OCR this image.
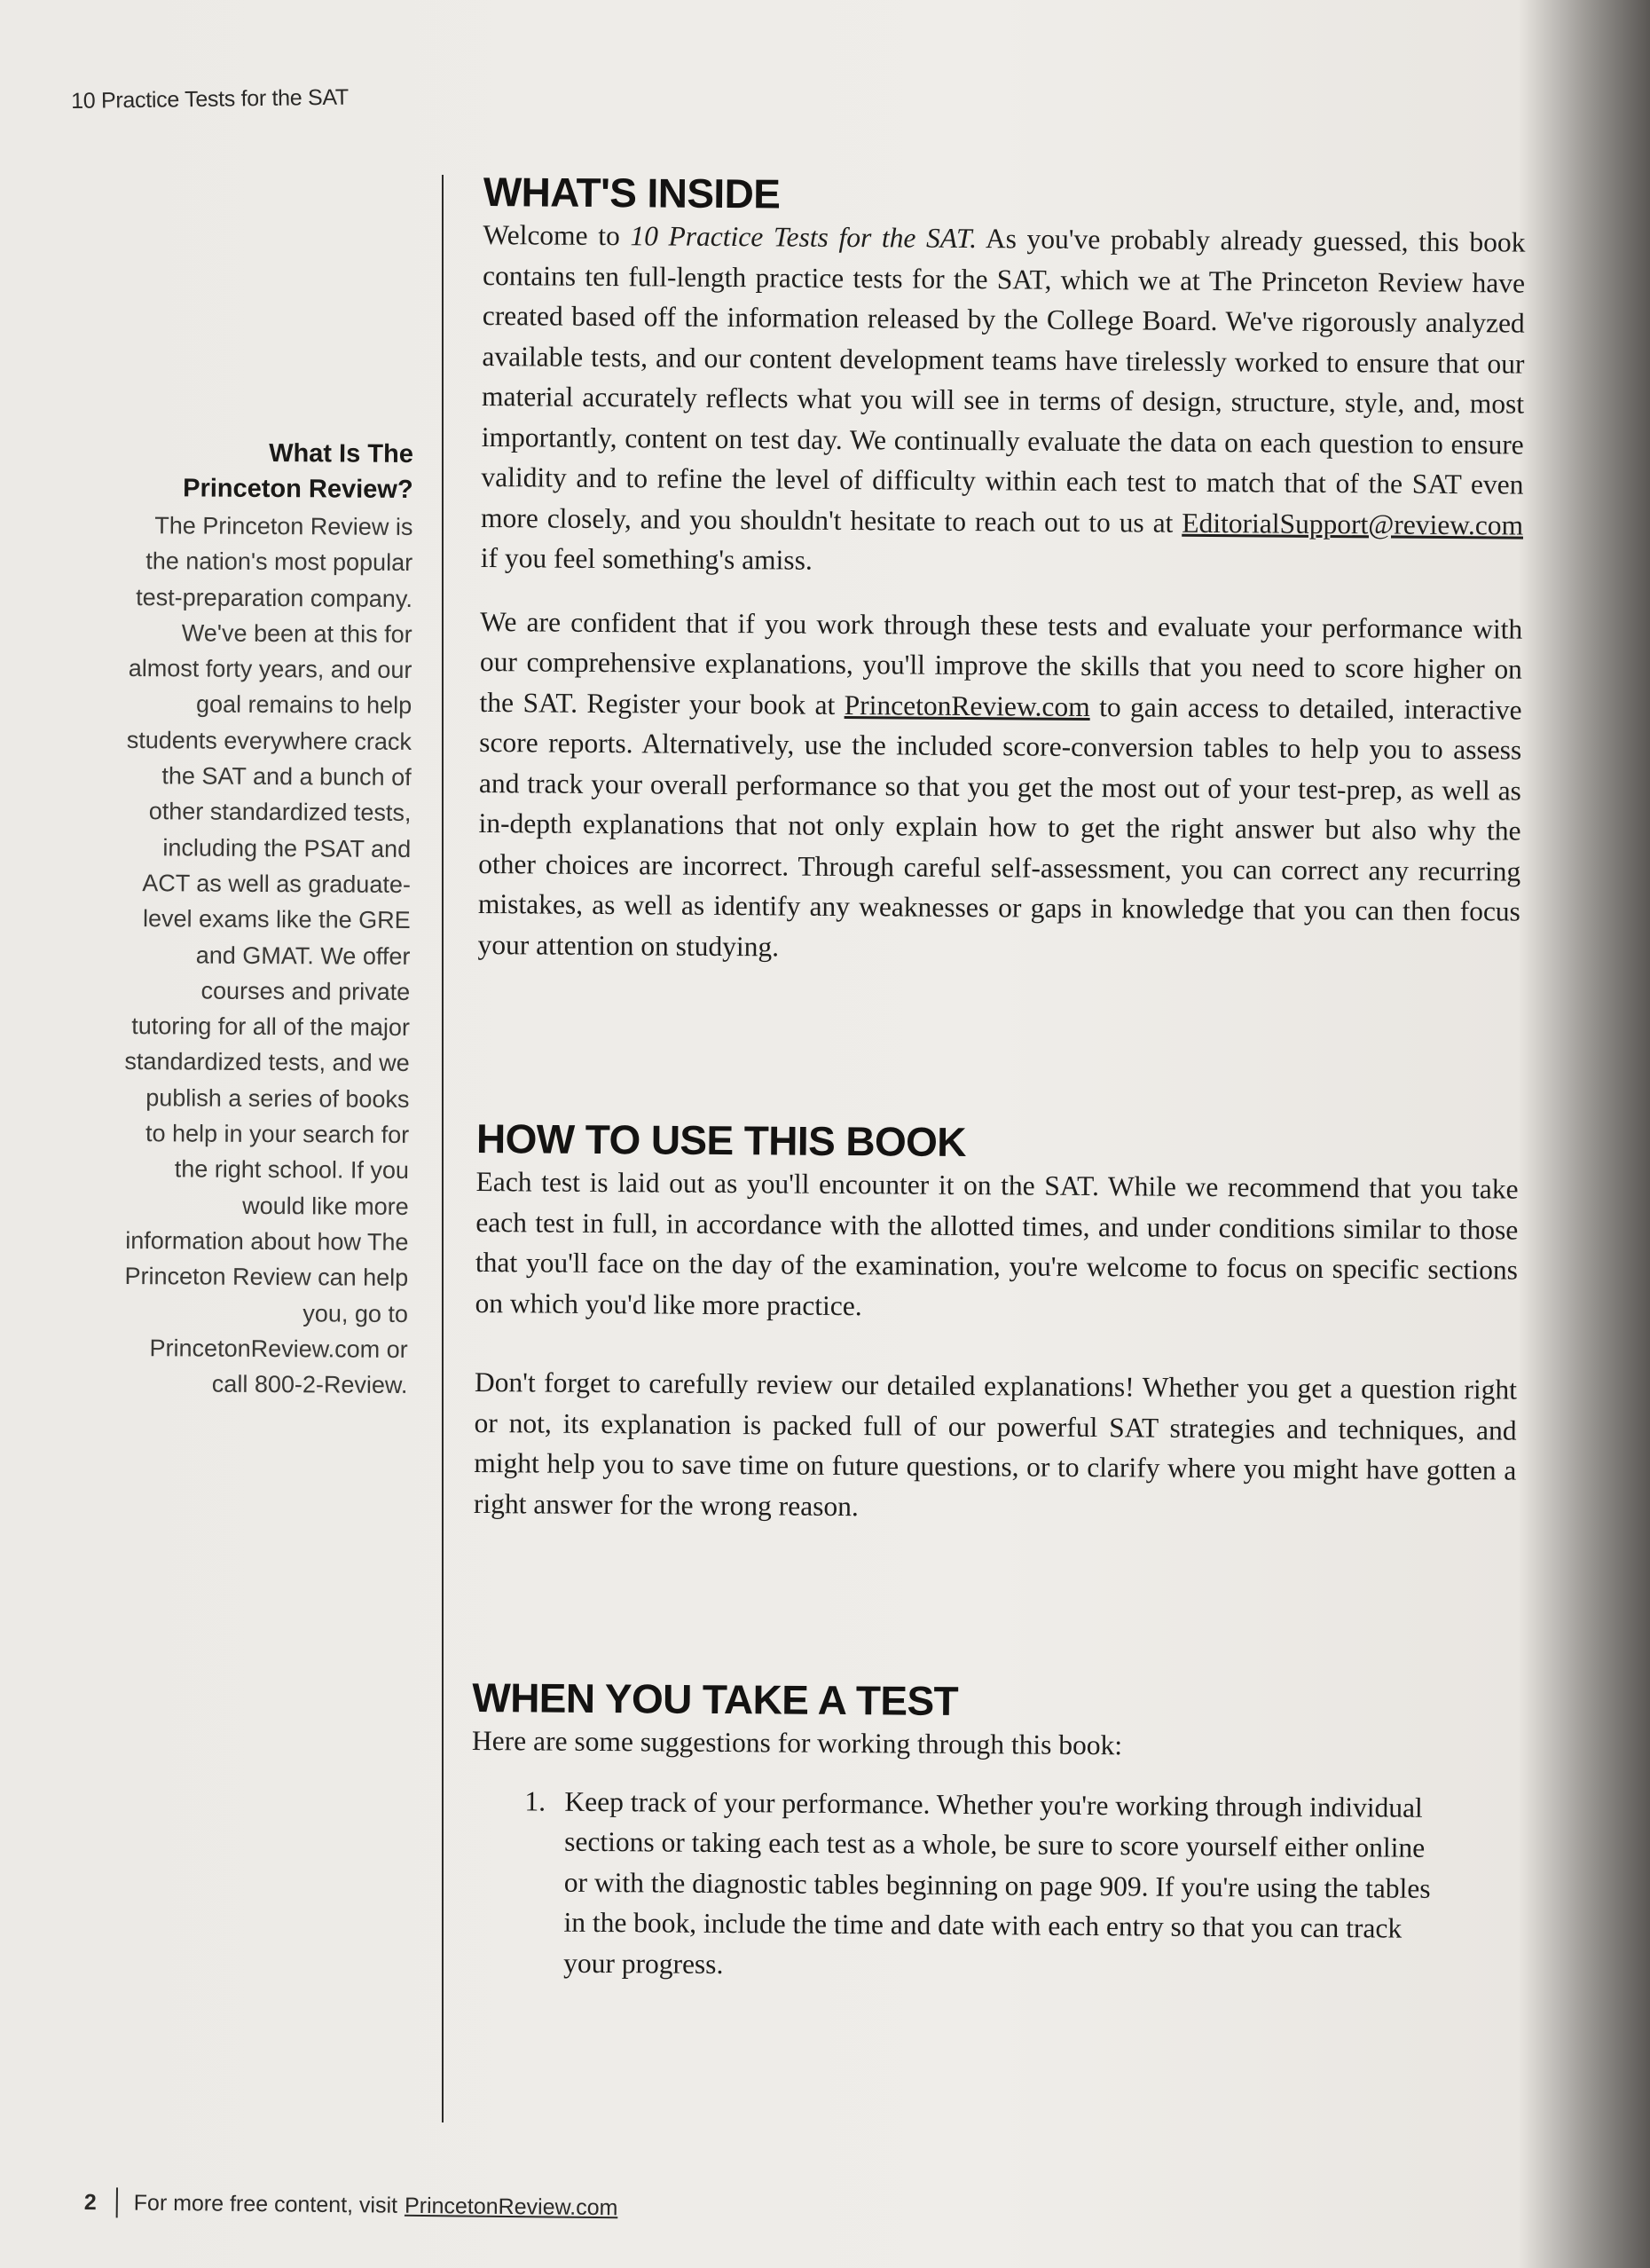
10 Practice Tests for the SAT
What Is The
Princeton Review?

The Princeton Review is the nation's most popular test-preparation company. We've been at this for almost forty years, and our goal remains to help students everywhere crack the SAT and a bunch of other standardized tests, including the PSAT and ACT as well as graduate-level exams like the GRE and GMAT. We offer courses and private tutoring for all of the major standardized tests, and we publish a series of books to help in your search for the right school. If you would like more information about how The Princeton Review can help you, go to PrincetonReview.com or call 800-2-Review.

WHAT'S INSIDE

Welcome to 10 Practice Tests for the SAT. As you've probably already guessed, this book contains ten full-length practice tests for the SAT, which we at The Princeton Review have created based off the information released by the College Board. We've rigorously analyzed available tests, and our content development teams have tirelessly worked to ensure that our material accurately reflects what you will see in terms of design, structure, style, and, most importantly, content on test day. We continually evaluate the data on each question to ensure validity and to refine the level of difficulty within each test to match that of the SAT even more closely, and you shouldn't hesitate to reach out to us at EditorialSupport@review.com if you feel something's amiss.

We are confident that if you work through these tests and evaluate your performance with our comprehensive explanations, you'll improve the skills that you need to score higher on the SAT. Register your book at PrincetonReview.com to gain access to detailed, interactive score reports. Alternatively, use the included score-conversion tables to help you to assess and track your overall performance so that you get the most out of your test-prep, as well as in-depth explanations that not only explain how to get the right answer but also why the other choices are incorrect. Through careful self-assessment, you can correct any recurring mistakes, as well as identify any weaknesses or gaps in knowledge that you can then focus your attention on studying.

HOW TO USE THIS BOOK

Each test is laid out as you'll encounter it on the SAT. While we recommend that you take each test in full, in accordance with the allotted times, and under conditions similar to those that you'll face on the day of the examination, you're welcome to focus on specific sections on which you'd like more practice.

Don't forget to carefully review our detailed explanations! Whether you get a question right or not, its explanation is packed full of our powerful SAT strategies and techniques, and might help you to save time on future questions, or to clarify where you might have gotten a right answer for the wrong reason.

WHEN YOU TAKE A TEST

Here are some suggestions for working through this book:

1. Keep track of your performance. Whether you're working through individual sections or taking each test as a whole, be sure to score yourself either online or with the diagnostic tables beginning on page 909. If you're using the tables in the book, include the time and date with each entry so that you can track your progress.
2 For more free content, visit PrincetonReview.com
